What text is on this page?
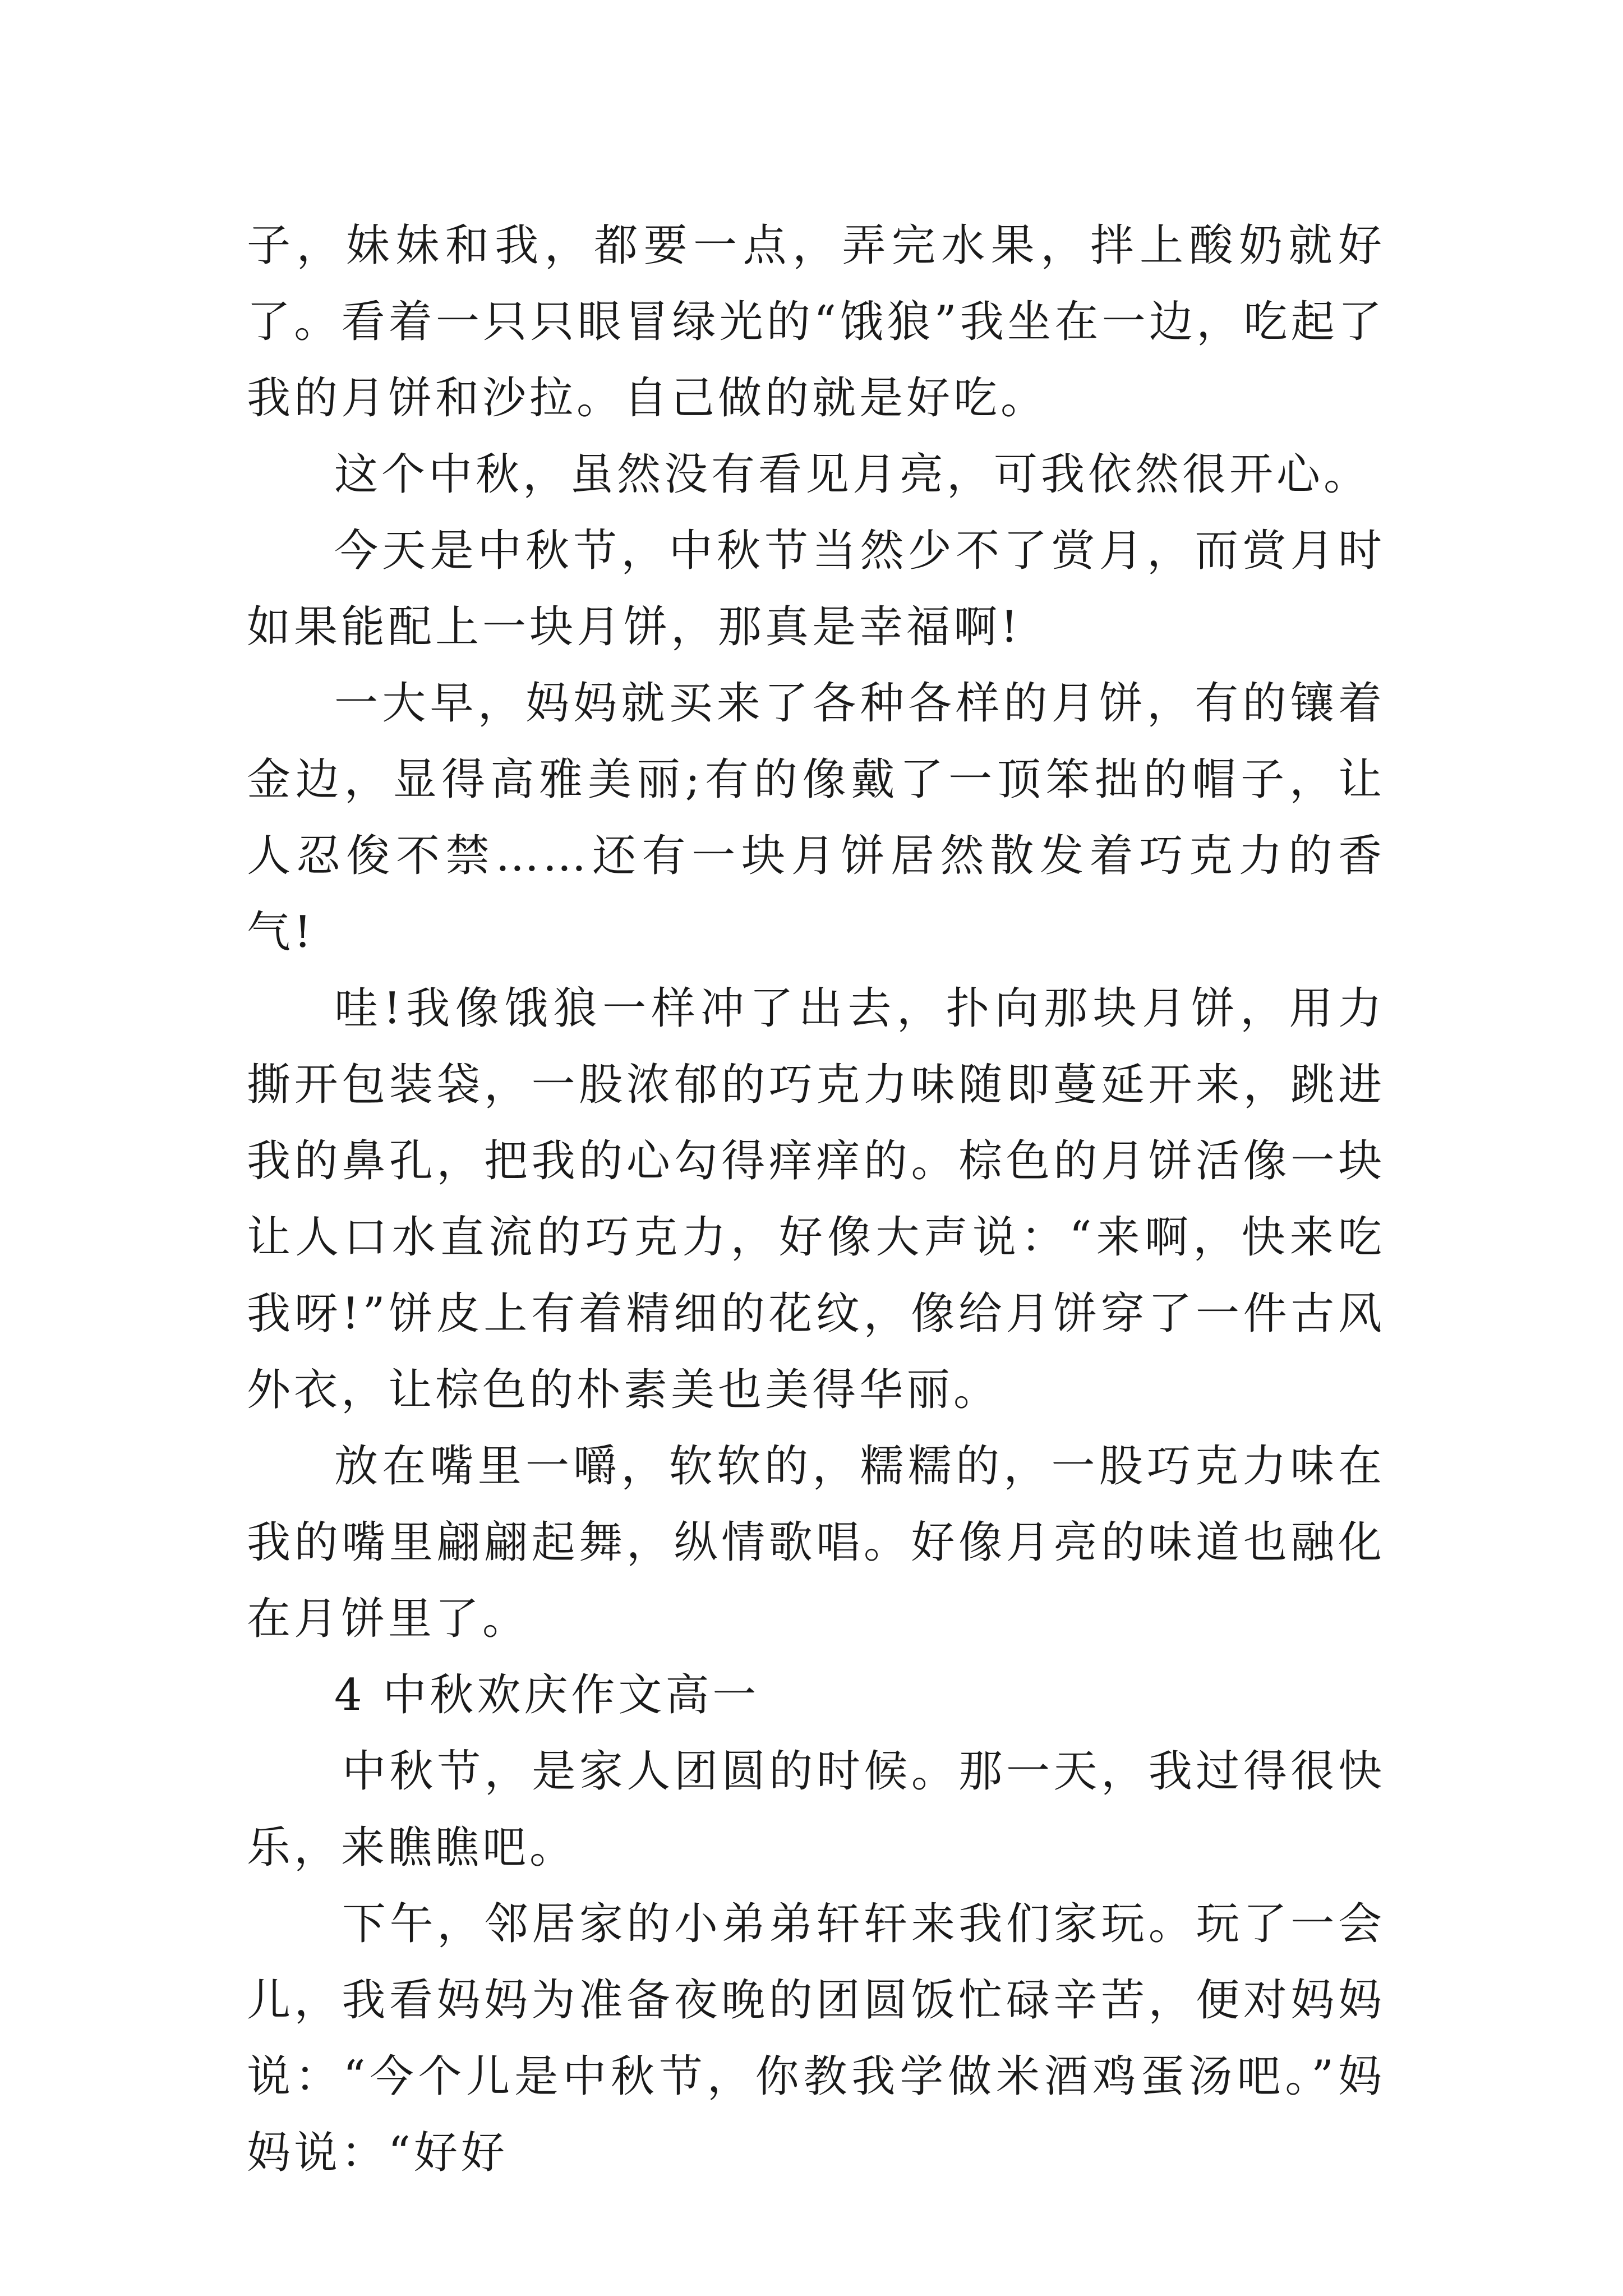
子，妹妹和我，都要一点，弄完水果，拌上酸奶就好了。看着一只只眼冒绿光的“饿狼”我坐在一边，吃起了我的月饼和沙拉。自己做的就是好吃。

这个中秋，虽然没有看见月亮，可我依然很开心。

今天是中秋节，中秋节当然少不了赏月，而赏月时如果能配上一块月饼，那真是幸福啊!

一大早，妈妈就买来了各种各样的月饼，有的镶着金边，显得高雅美丽;有的像戴了一顶笨拙的帽子，让人忍俊不禁……还有一块月饼居然散发着巧克力的香气!

哇!我像饿狼一样冲了出去，扑向那块月饼，用力撕开包装袋，一股浓郁的巧克力味随即蔓延开来，跳进我的鼻孔，把我的心勾得痒痒的。棕色的月饼活像一块让人口水直流的巧克力，好像大声说：“来啊，快来吃我呀!”饼皮上有着精细的花纹，像给月饼穿了一件古风外衣，让棕色的朴素美也美得华丽。

放在嘴里一嚼，软软的，糯糯的，一股巧克力味在我的嘴里翩翩起舞，纵情歌唱。好像月亮的味道也融化在月饼里了。

4 中秋欢庆作文高一

中秋节，是家人团圆的时候。那一天，我过得很快乐，来瞧瞧吧。

下午，邻居家的小弟弟轩轩来我们家玩。玩了一会儿，我看妈妈为准备夜晚的团圆饭忙碌辛苦，便对妈妈说：“今个儿是中秋节，你教我学做米酒鸡蛋汤吧。”妈妈说：“好好
